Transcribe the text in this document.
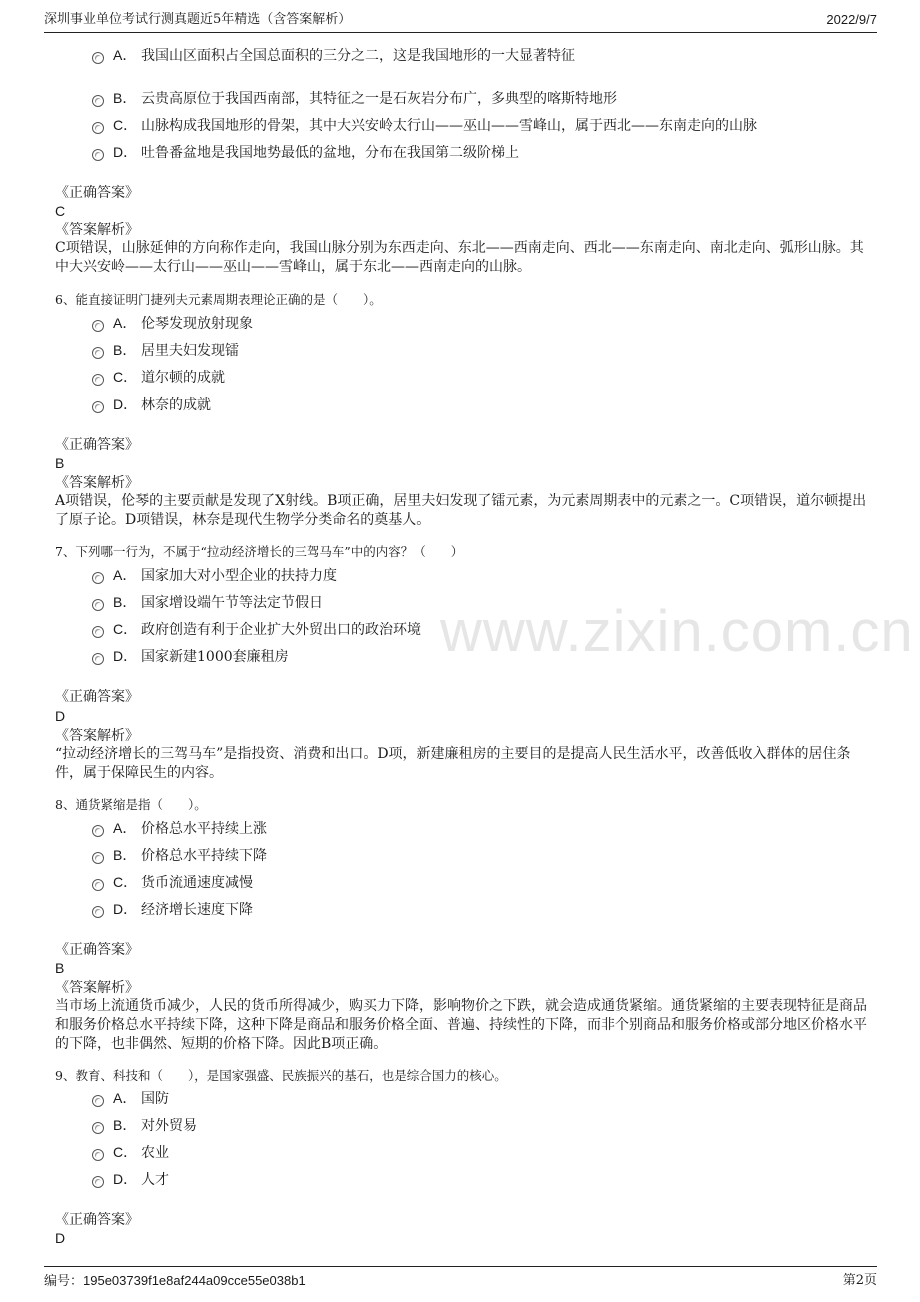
深圳事业单位考试行测真题近5年精选（含答案解析）	2022/9/7
www.zixin.com.cn
A． 我国山区面积占全国总面积的三分之二，这是我国地形的一大显著特征
B． 云贵高原位于我国西南部，其特征之一是石灰岩分布广，多典型的喀斯特地形
C． 山脉构成我国地形的骨架，其中大兴安岭太行山——巫山——雪峰山，属于西北——东南走向的山脉
D． 吐鲁番盆地是我国地势最低的盆地，分布在我国第二级阶梯上
《正确答案》
C
《答案解析》
C项错误，山脉延伸的方向称作走向，我国山脉分别为东西走向、东北——西南走向、西北——东南走向、南北走向、弧形山脉。其中大兴安岭——太行山——巫山——雪峰山，属于东北——西南走向的山脉。
6、能直接证明门捷列夫元素周期表理论正确的是（　　）。
A． 伦琴发现放射现象
B． 居里夫妇发现镭
C． 道尔顿的成就
D． 林奈的成就
《正确答案》
B
《答案解析》
A项错误，伦琴的主要贡献是发现了X射线。B项正确，居里夫妇发现了镭元素，为元素周期表中的元素之一。C项错误，道尔顿提出了原子论。D项错误，林奈是现代生物学分类命名的奠基人。
7、下列哪一行为，不属于“拉动经济增长的三驾马车”中的内容？（　　）
A． 国家加大对小型企业的扶持力度
B． 国家增设端午节等法定节假日
C． 政府创造有利于企业扩大外贸出口的政治环境
D． 国家新建1000套廉租房
《正确答案》
D
《答案解析》
“拉动经济增长的三驾马车”是指投资、消费和出口。D项，新建廉租房的主要目的是提高人民生活水平，改善低收入群体的居住条件，属于保障民生的内容。
8、通货紧缩是指（　　）。
A． 价格总水平持续上涨
B． 价格总水平持续下降
C． 货币流通速度减慢
D． 经济增长速度下降
《正确答案》
B
《答案解析》
当市场上流通货币减少，人民的货币所得减少，购买力下降，影响物价之下跌，就会造成通货紧缩。通货紧缩的主要表现特征是商品和服务价格总水平持续下降，这种下降是商品和服务价格全面、普遍、持续性的下降，而非个别商品和服务价格或部分地区价格水平的下降，也非偶然、短期的价格下降。因此B项正确。
9、教育、科技和（　　），是国家强盛、民族振兴的基石，也是综合国力的核心。
A． 国防
B． 对外贸易
C． 农业
D． 人才
《正确答案》
D
编号：195e03739f1e8af244a09cce55e038b1	第2页
